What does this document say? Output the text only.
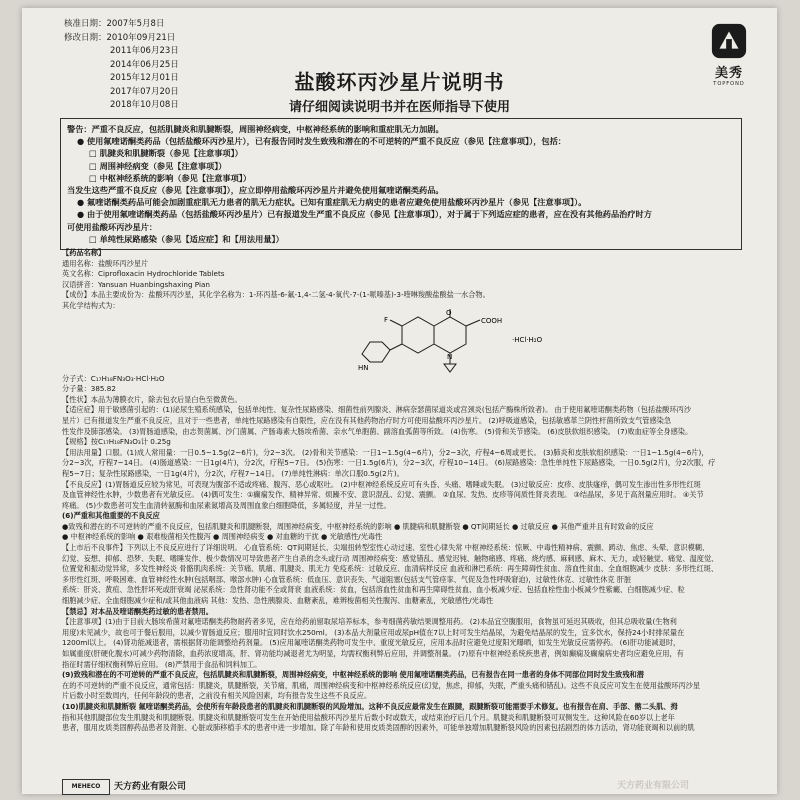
核准日期：2007年5月8日
修改日期：2010年09月21日
2011年06月23日
2014年06月25日
2015年12月01日
2017年07月20日
2018年10月08日
美秀
TOPFOND
盐酸环丙沙星片说明书
请仔细阅读说明书并在医师指导下使用
警告：严重不良反应，包括肌腱炎和肌腱断裂，周围神经病变，中枢神经系统的影响和重症肌无力加剧。
● 使用氟喹诺酮类药品（包括盐酸环丙沙星片），已有报告同时发生致残和潜在的不可逆转的严重不良反应（参见【注意事项】），包括：
□ 肌腱炎和肌腱断裂（参见【注意事项】）
□ 周围神经病变（参见【注意事项】）
□ 中枢神经系统的影响（参见【注意事项】）
当发生这些严重不良反应（参见【注意事项】），应立即停用盐酸环丙沙星片并避免使用氟喹诺酮类药品。
● 氟喹诺酮类药品可能会加剧重症肌无力患者的肌无力症状。已知有重症肌无力病史的患者应避免使用盐酸环丙沙星片（参见【注意事项】）。
● 由于使用氟喹诺酮类药品（包括盐酸环丙沙星片）已有报道发生严重不良反应（参见【注意事项】），对于属于下列适应症的患者，应在没有其他药品治疗时方
可使用盐酸环丙沙星片：
□ 单纯性尿路感染（参见【适应症】和【用法用量】）
【药品名称】
通用名称：盐酸环丙沙星片
英文名称：Ciprofloxacin Hydrochloride Tablets
汉语拼音：Yansuan Huanbingshaxing Pian
【成份】本品主要成份为：盐酸环丙沙星，其化学名称为：1-环丙基-6-氟-1,4-二氢-4-氧代-7-(1-哌嗪基)-3-喹啉羧酸盐酸盐一水合物。
其化学结构式为：
F
O
COOH
N
HN
·HCl·H₂O
分子式：C₁₇H₁₈FN₃O₃·HCl·H₂O
分子量：385.82
【性状】本品为薄膜衣片，除去包衣后显白色至微黄色。
【适应症】用于敏感菌引起的：(1)泌尿生殖系统感染，包括单纯性、复杂性尿路感染、细菌性前列腺炎、淋病奈瑟菌尿道炎或宫颈炎(包括产酶株所致者)。 由于使用氟喹诺酮类药物（包括盐酸环丙沙
星片）已有报道发生严重不良反应，且对于一些患者，单纯性尿路感染有自限性，应在没有其他药物治疗时方可使用盐酸环丙沙星片。 (2)呼吸道感染，包括敏感革兰阴性杆菌所致支气管感染急
性发作及肺部感染。 (3)胃肠道感染，由志贺菌属、沙门菌属、产肠毒素大肠埃希菌、亲水气单胞菌、副溶血弧菌等所致。 (4)伤寒。 (5)骨和关节感染。 (6)皮肤软组织感染。 (7)败血症等全身感染。
【规格】按C₁₇H₁₈FN₃O₃计 0.25g
【用法用量】口服。(1)成人常用量：一日0.5~1.5g(2~6片)，分2~3次。 (2)骨和关节感染：一日1~1.5g(4~6片)，分2~3次，疗程4~6周或更长。 (3)肺炎和皮肤软组织感染：一日1~1.5g(4~6片)，
分2~3次，疗程7~14日。 (4)肠道感染：一日1g(4片)，分2次，疗程5~7日。 (5)伤寒：一日1.5g(6片)，分2~3次，疗程10~14日。 (6)尿路感染：急性单纯性下尿路感染，一日0.5g(2片)，分2次服，疗
程5~7日；复杂性尿路感染，一日1g(4片)，分2次，疗程7~14日。 (7)单纯性淋病：单次口服0.5g(2片)。
【不良反应】(1)胃肠道反应较为常见，可表现为腹部不适或疼痛、腹泻、恶心或呕吐。 (2)中枢神经系统反应可有头昏、头痛、嗜睡或失眠。 (3)过敏反应：皮疹、皮肤瘙痒，偶可发生渗出性多形性红斑
及血管神经性水肿，少数患者有光敏反应。 (4)偶可发生：①癫痫发作、精神异常、烦躁不安、意识混乱、幻觉、震颤。 ②血尿、发热、皮疹等间质性肾炎表现。 ③结晶尿，多见于高剂量应用时。 ④关节
疼痛。 (5)少数患者可发生血清转氨酶和血尿素氮增高及周围血象白细胞降低，多属轻度，并呈一过性。
(6)严重和其他重要的不良反应
●致残和潜在的不可逆转的严重不良反应，包括肌腱炎和肌腱断裂，周围神经病变，中枢神经系统的影响 ● 肌腱病和肌腱断裂 ● QT间期延长 ● 过敏反应 ● 其他严重并且有时致命的反应
● 中枢神经系统的影响 ● 艰难梭菌相关性腹泻 ● 周围神经病变 ● 对血糖的干扰 ● 光敏感性/光毒性
【上市后不良事件】下列以上不良反应进行了详细说明。 心血管系统：QT间期延长、尖端扭转型室性心动过速、室性心律失常 中枢神经系统：惊厥、中毒性精神病、震颤、踌动、焦虑、头晕、意识模糊、
幻觉、妄想、抑郁、恐梦、失眠、嗜睡发作、极少数情况可导致患者产生自杀的念头或行动 周围神经病变：感觉错乱、感觉迟钝、触物痛感、疼痛、烧灼感、麻刺感、麻木、无力，或轻触觉、痛觉、温度觉、
位置觉和振动觉异常，多发性神经炎 骨骼肌肉系统：关节痛、肌痛、肌腱炎、肌无力 免疫系统：过敏反应、血清病样反应 血液和淋巴系统：再生障碍性贫血、溶血性贫血、全血细胞减少 皮肤：多形性红斑、
多形性红斑、呼吸困难、血管神经性水肿(包括咽部、喉部水肿) 心血管系统：低血压、意识丧失、气道阻塞(包括支气管痉挛、气促及急性呼吸窘迫)，过敏性休克、过敏性休克 肝脏
系统：肝炎、黄疸、急性肝坏死或肝衰竭 泌尿系统：急性肾功能不全或肾衰 血液系统：贫血，包括溶血性贫血和再生障碍性贫血、血小板减少症、包括血栓性血小板减少性紫癜、白细胞减少症、粒
细胞减少症、全血细胞减少症和/或其他血液病 其他：发热、急性胰腺炎、血糖紊乱，难辨梭菌相关性腹泻、血糖紊乱，光敏感性/光毒性
【禁忌】对本品及喹诺酮类药过敏的患者禁用。
【注意事项】(1)由于目前大肠埃希菌对氟喹诺酮类药物耐药者多见，应在给药前留取尿培养标本，参考细菌药敏结果调整用药。 (2)本品宜空腹服用，食物虽可延迟其吸收，但其总吸收量(生物利
用度)未见减少，故也可于餐后服用，以减少胃肠道反应；服用时宜同时饮水250ml。 (3)本品大剂量应用或尿pH值在7以上时可发生结晶尿，为避免结晶尿的发生，宜多饮水，保持24小时排尿量在
1200ml以上。 (4)肾功能减退者，需根据肾功能调整给药剂量。 (5)应用氟喹诺酮类药物可发生中、重度光敏反应，应用本品时应避免过度阳光曝晒，如发生光敏反应需停药。 (6)肝功能减退时，
如属重度(肝硬化腹水)可减少药物清除，血药浓度增高，肝、肾功能均减退者尤为明显，均需权衡利弊后应用，并调整剂量。 (7)原有中枢神经系统疾患者，例如癫痫及癫痫病史者均应避免应用，有
指征时需仔细权衡利弊后应用。 (8)严禁用于食品和饲料加工。
(9)致残和潜在的不可逆转的严重不良反应，包括肌腱炎和肌腱断裂，周围神经病变，中枢神经系统的影响 使用氟喹诺酮类药品，已有报告在同一患者的身体不同部位同时发生致残和潜
在的不可逆转的严重不良反应，通常包括：肌腱炎，肌腱断裂，关节痛，肌痛，周围神经病变和中枢神经系统反应(幻觉，焦虑，抑郁，失眠，严重头痛和错乱)。这些不良反应可发生在使用盐酸环丙沙星
片后数小时至数周内，任何年龄段的患者，之前没有相关风险因素，均有报告发生这些不良反应。
(10)肌腱炎和肌腱断裂 氟喹诺酮类药品，会使所有年龄段患者的肌腱炎和肌腱断裂的风险增加。这种不良反应最常发生在跟腱，跟腱断裂可能需要手术修复。也有报告在肩、手部、髂二头肌、拇
指和其他肌腱部位发生肌腱炎和肌腱断裂。肌腱炎和肌腱断裂可发生在开始使用盐酸环丙沙星片后数小时或数天，或结束治疗后几个月。肌腱炎和肌腱断裂可双侧发生。这种风险在60岁以上老年
患者，服用皮质类固醇药品患者及肾脏、心脏或肺移植手术的患者中进一步增加。除了年龄和使用皮质类固醇的因素外，可能单独增加肌腱断裂风险的因素包括剧烈的体力活动，肾功能衰竭和以前的肌
MEHECO	天方药业有限公司	天方药业有限公司
